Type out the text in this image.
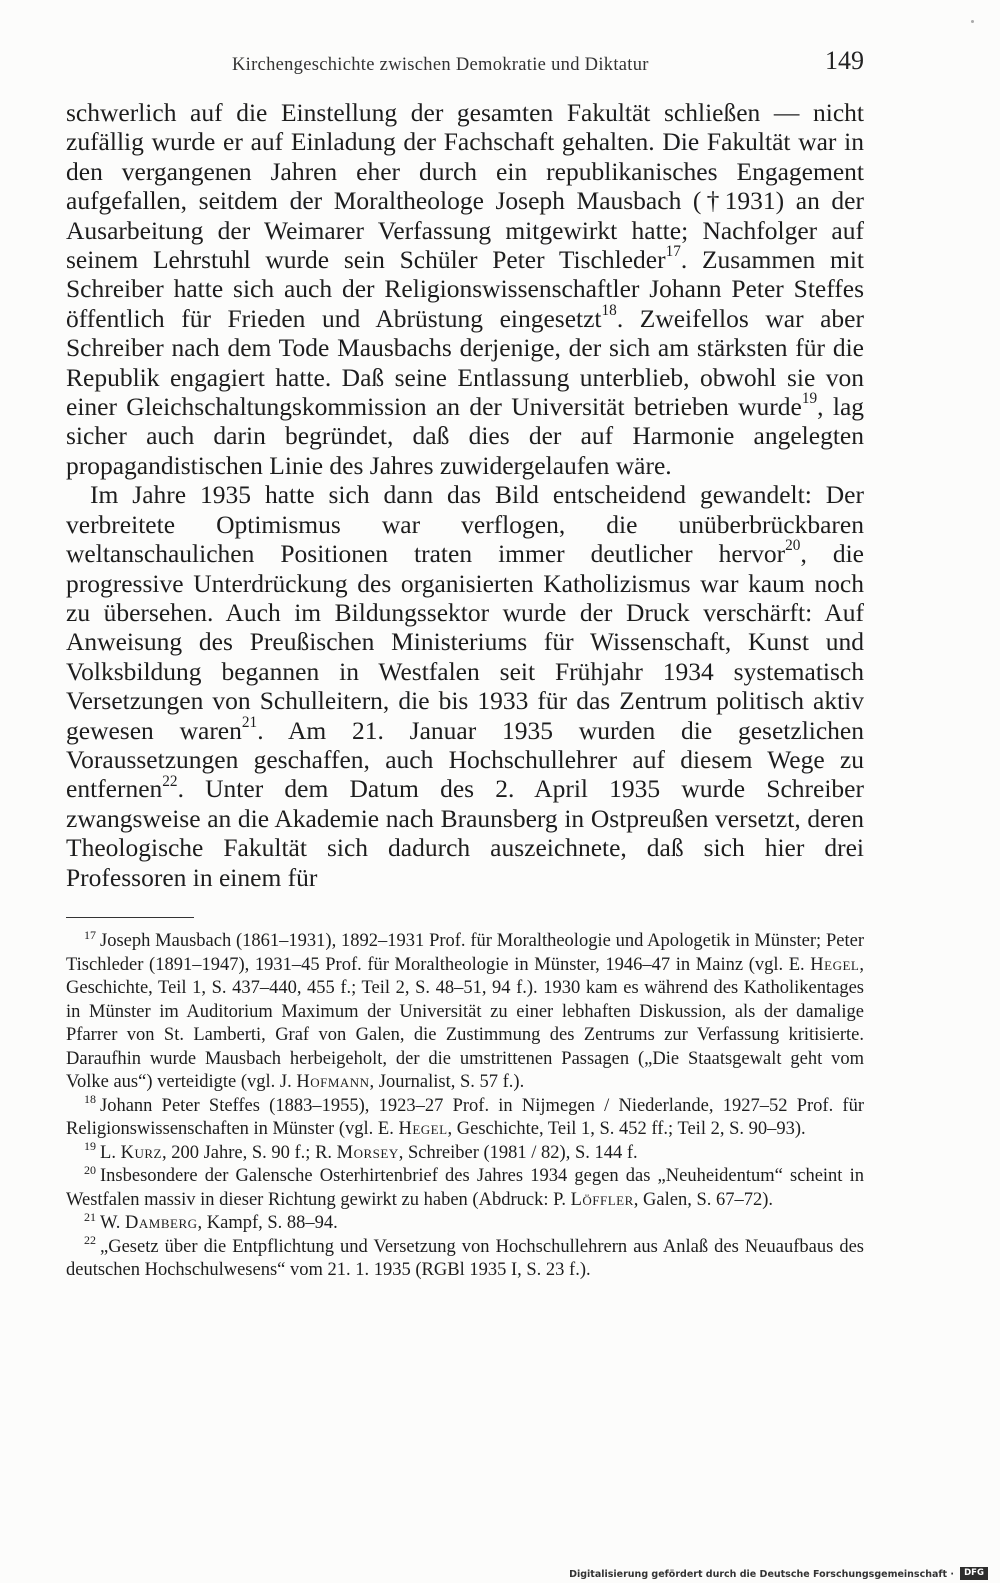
Kirchengeschichte zwischen Demokratie und Diktatur	149

schwerlich auf die Einstellung der gesamten Fakultät schließen — nicht zufällig wurde er auf Einladung der Fachschaft gehalten. Die Fakultät war in den vergangenen Jahren eher durch ein republikanisches Engagement aufgefallen, seitdem der Moraltheologe Joseph Mausbach (†1931) an der Ausarbeitung der Weimarer Verfassung mitgewirkt hatte; Nachfolger auf seinem Lehrstuhl wurde sein Schüler Peter Tischleder$^{17}$. Zusammen mit Schreiber hatte sich auch der Religionswissenschaftler Johann Peter Steffes öffentlich für Frieden und Abrüstung eingesetzt$^{18}$. Zweifellos war aber Schreiber nach dem Tode Mausbachs derjenige, der sich am stärksten für die Republik engagiert hatte. Daß seine Entlassung unterblieb, obwohl sie von einer Gleichschaltungskommission an der Universität betrieben wurde$^{19}$, lag sicher auch darin begründet, daß dies der auf Harmonie angelegten propagandistischen Linie des Jahres zuwidergelaufen wäre.

Im Jahre 1935 hatte sich dann das Bild entscheidend gewandelt: Der verbreitete Optimismus war verflogen, die unüberbrückbaren weltanschaulichen Positionen traten immer deutlicher hervor$^{20}$, die progressive Unterdrückung des organisierten Katholizismus war kaum noch zu übersehen. Auch im Bildungssektor wurde der Druck verschärft: Auf Anweisung des Preußischen Ministeriums für Wissenschaft, Kunst und Volksbildung begannen in Westfalen seit Frühjahr 1934 systematisch Versetzungen von Schulleitern, die bis 1933 für das Zentrum politisch aktiv gewesen waren$^{21}$. Am 21. Januar 1935 wurden die gesetzlichen Voraussetzungen geschaffen, auch Hochschullehrer auf diesem Wege zu entfernen$^{22}$. Unter dem Datum des 2. April 1935 wurde Schreiber zwangsweise an die Akademie nach Braunsberg in Ostpreußen versetzt, deren Theologische Fakultät sich dadurch auszeichnete, daß sich hier drei Professoren in einem für

$^{17}$ Joseph Mausbach (1861–1931), 1892–1931 Prof. für Moraltheologie und Apologetik in Münster; Peter Tischleder (1891–1947), 1931–45 Prof. für Moraltheologie in Münster, 1946–47 in Mainz (vgl. E. Hegel, Geschichte, Teil 1, S. 437–440, 455 f.; Teil 2, S. 48–51, 94 f.). 1930 kam es während des Katholikentages in Münster im Auditorium Maximum der Universität zu einer lebhaften Diskussion, als der damalige Pfarrer von St. Lamberti, Graf von Galen, die Zustimmung des Zentrums zur Verfassung kritisierte. Daraufhin wurde Mausbach herbeigeholt, der die umstrittenen Passagen („Die Staatsgewalt geht vom Volke aus“) verteidigte (vgl. J. Hofmann, Journalist, S. 57 f.).

$^{18}$ Johann Peter Steffes (1883–1955), 1923–27 Prof. in Nijmegen / Niederlande, 1927–52 Prof. für Religionswissenschaften in Münster (vgl. E. Hegel, Geschichte, Teil 1, S. 452 ff.; Teil 2, S. 90–93).

$^{19}$ L. Kurz, 200 Jahre, S. 90 f.; R. Morsey, Schreiber (1981 / 82), S. 144 f.

$^{20}$ Insbesondere der Galensche Osterhirtenbrief des Jahres 1934 gegen das „Neuheidentum“ scheint in Westfalen massiv in dieser Richtung gewirkt zu haben (Abdruck: P. Löffler, Galen, S. 67–72).

$^{21}$ W. Damberg, Kampf, S. 88–94.

$^{22}$ „Gesetz über die Entpflichtung und Versetzung von Hochschullehrern aus Anlaß des Neuaufbaus des deutschen Hochschulwesens“ vom 21. 1. 1935 (RGBl 1935 I, S. 23 f.).

Digitalisierung gefördert durch die Deutsche Forschungsgemeinschaft ·	DFG
